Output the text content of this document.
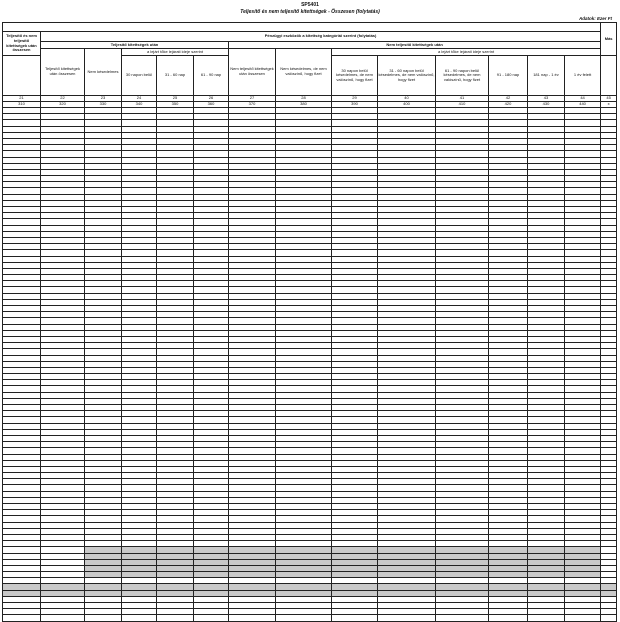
SP5401
Teljesítő és nem teljesítő kitettségek - Összesen (folytatás)
Adatok: Ezer Ft
														Más
Teljesítő és nem teljesítő kitettségek után összesen	Pénzügyi eszközök a kitettség kategóriái szerint (folytatás)													
	Teljesítő kitettségek után					Nem teljesítő kitettségek után								
	Teljesítő kitettségek után összesen	Nem késedelmes	a lejárt tőke lejárati ideje szerint			Nem teljesítő kitettségek után összesen	Nem késedelmes, de nem valószínű, hogy fizet	a lejárt tőke lejárati ideje szerint						
			30 napon belül	31 - 60 nap	61 - 90 nap			30 napon belül késedelmes, de nem valószínű, hogy fizet	31 - 60 napon belül késedelmes, de nem valószínű, hogy fizet	61 - 90 napon belül késedelmes, de nem valószínű, hogy fizet	91 - 180 nap	181 nap - 1 év	1 év felett	
21	22	23	24	25	26	27	28	29	40	41	42	43	44	45
310	320	330	340	350	360	370	380	390	400	410	420	430	440	x
